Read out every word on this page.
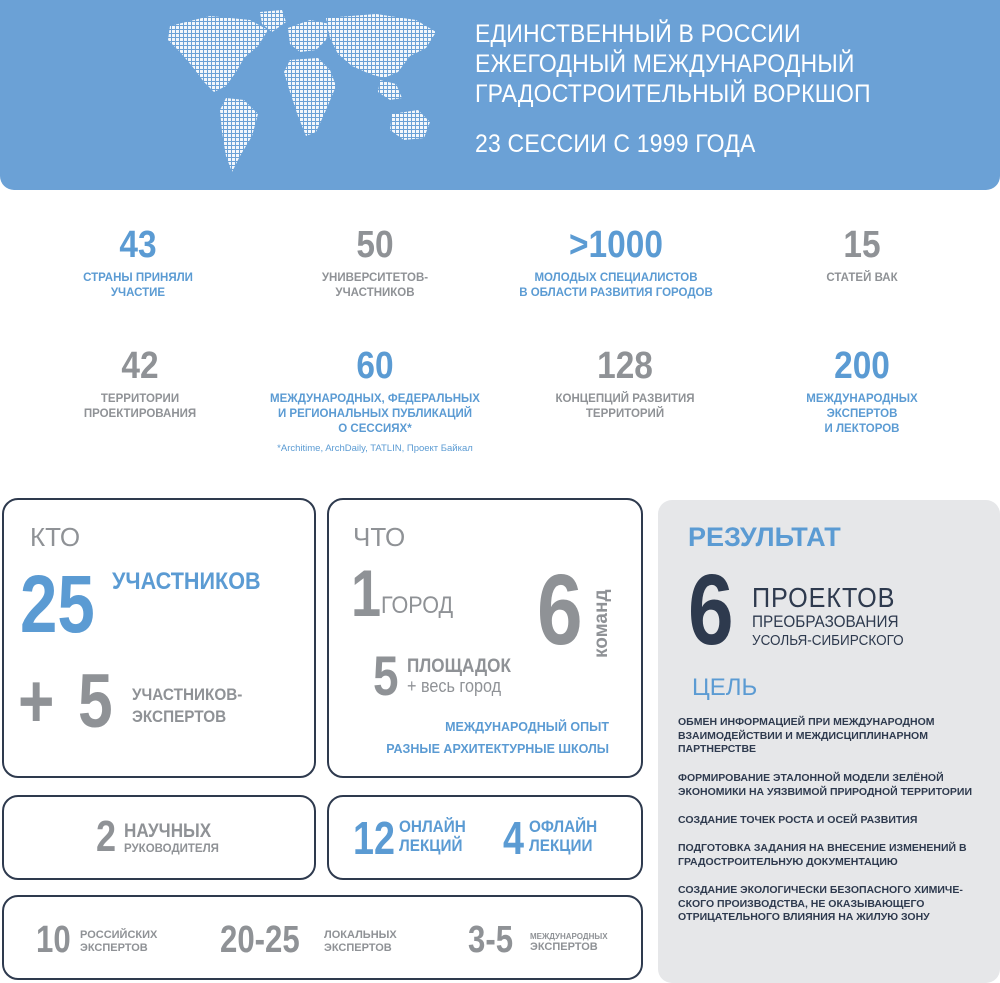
ЕДИНСТВЕННЫЙ В РОССИИ
ЕЖЕГОДНЫЙ МЕЖДУНАРОДНЫЙ
ГРАДОСТРОИТЕЛЬНЫЙ ВОРКШОП
23 СЕССИИ С 1999 ГОДА
43
СТРАНЫ ПРИНЯЛИ
УЧАСТИЕ
50
УНИВЕРСИТЕТОВ-
УЧАСТНИКОВ
>1000
МОЛОДЫХ СПЕЦИАЛИСТОВ
В ОБЛАСТИ РАЗВИТИЯ ГОРОДОВ
15
СТАТЕЙ ВАК
42
ТЕРРИТОРИИ
ПРОЕКТИРОВАНИЯ
60
МЕЖДУНАРОДНЫХ, ФЕДЕРАЛЬНЫХ
И РЕГИОНАЛЬНЫХ ПУБЛИКАЦИЙ
О СЕССИЯХ*
*Architime, ArchDaily, TATLIN, Проект Байкал
128
КОНЦЕПЦИЙ РАЗВИТИЯ
ТЕРРИТОРИЙ
200
МЕЖДУНАРОДНЫХ
ЭКСПЕРТОВ
И ЛЕКТОРОВ
КТО
25 УЧАСТНИКОВ
+ 5 УЧАСТНИКОВ-
ЭКСПЕРТОВ
ЧТО
1 ГОРОД 6 команд
5 ПЛОЩАДОК
+ весь город
МЕЖДУНАРОДНЫЙ ОПЫТ
РАЗНЫЕ АРХИТЕКТУРНЫЕ ШКОЛЫ
2 НАУЧНЫХ
РУКОВОДИТЕЛЯ	12 ОНЛАЙН
ЛЕКЦИЙ 4 ОФЛАЙН
ЛЕКЦИИ
10 РОССИЙСКИХ
ЭКСПЕРТОВ 20-25 ЛОКАЛЬНЫХ
ЭКСПЕРТОВ 3-5 МЕЖДУНАРОДНЫХ
ЭКСПЕРТОВ
РЕЗУЛЬТАТ
6 ПРОЕКТОВ
ПРЕОБРАЗОВАНИЯ
УСОЛЬЯ-СИБИРСКОГО
ЦЕЛЬ
ОБМЕН ИНФОРМАЦИЕЙ ПРИ МЕЖДУНАРОДНОМ
ВЗАИМОДЕЙСТВИИ И МЕЖДИСЦИПЛИНАРНОМ
ПАРТНЕРСТВЕ
ФОРМИРОВАНИЕ ЭТАЛОННОЙ МОДЕЛИ ЗЕЛЁНОЙ
ЭКОНОМИКИ НА УЯЗВИМОЙ ПРИРОДНОЙ ТЕРРИТОРИИ
СОЗДАНИЕ ТОЧЕК РОСТА И ОСЕЙ РАЗВИТИЯ
ПОДГОТОВКА ЗАДАНИЯ НА ВНЕСЕНИЕ ИЗМЕНЕНИЙ В
ГРАДОСТРОИТЕЛЬНУЮ ДОКУМЕНТАЦИЮ
СОЗДАНИЕ ЭКОЛОГИЧЕСКИ БЕЗОПАСНОГО ХИМИЧЕ-
СКОГО ПРОИЗВОДСТВА, НЕ ОКАЗЫВАЮЩЕГО
ОТРИЦАТЕЛЬНОГО ВЛИЯНИЯ НА ЖИЛУЮ ЗОНУ
